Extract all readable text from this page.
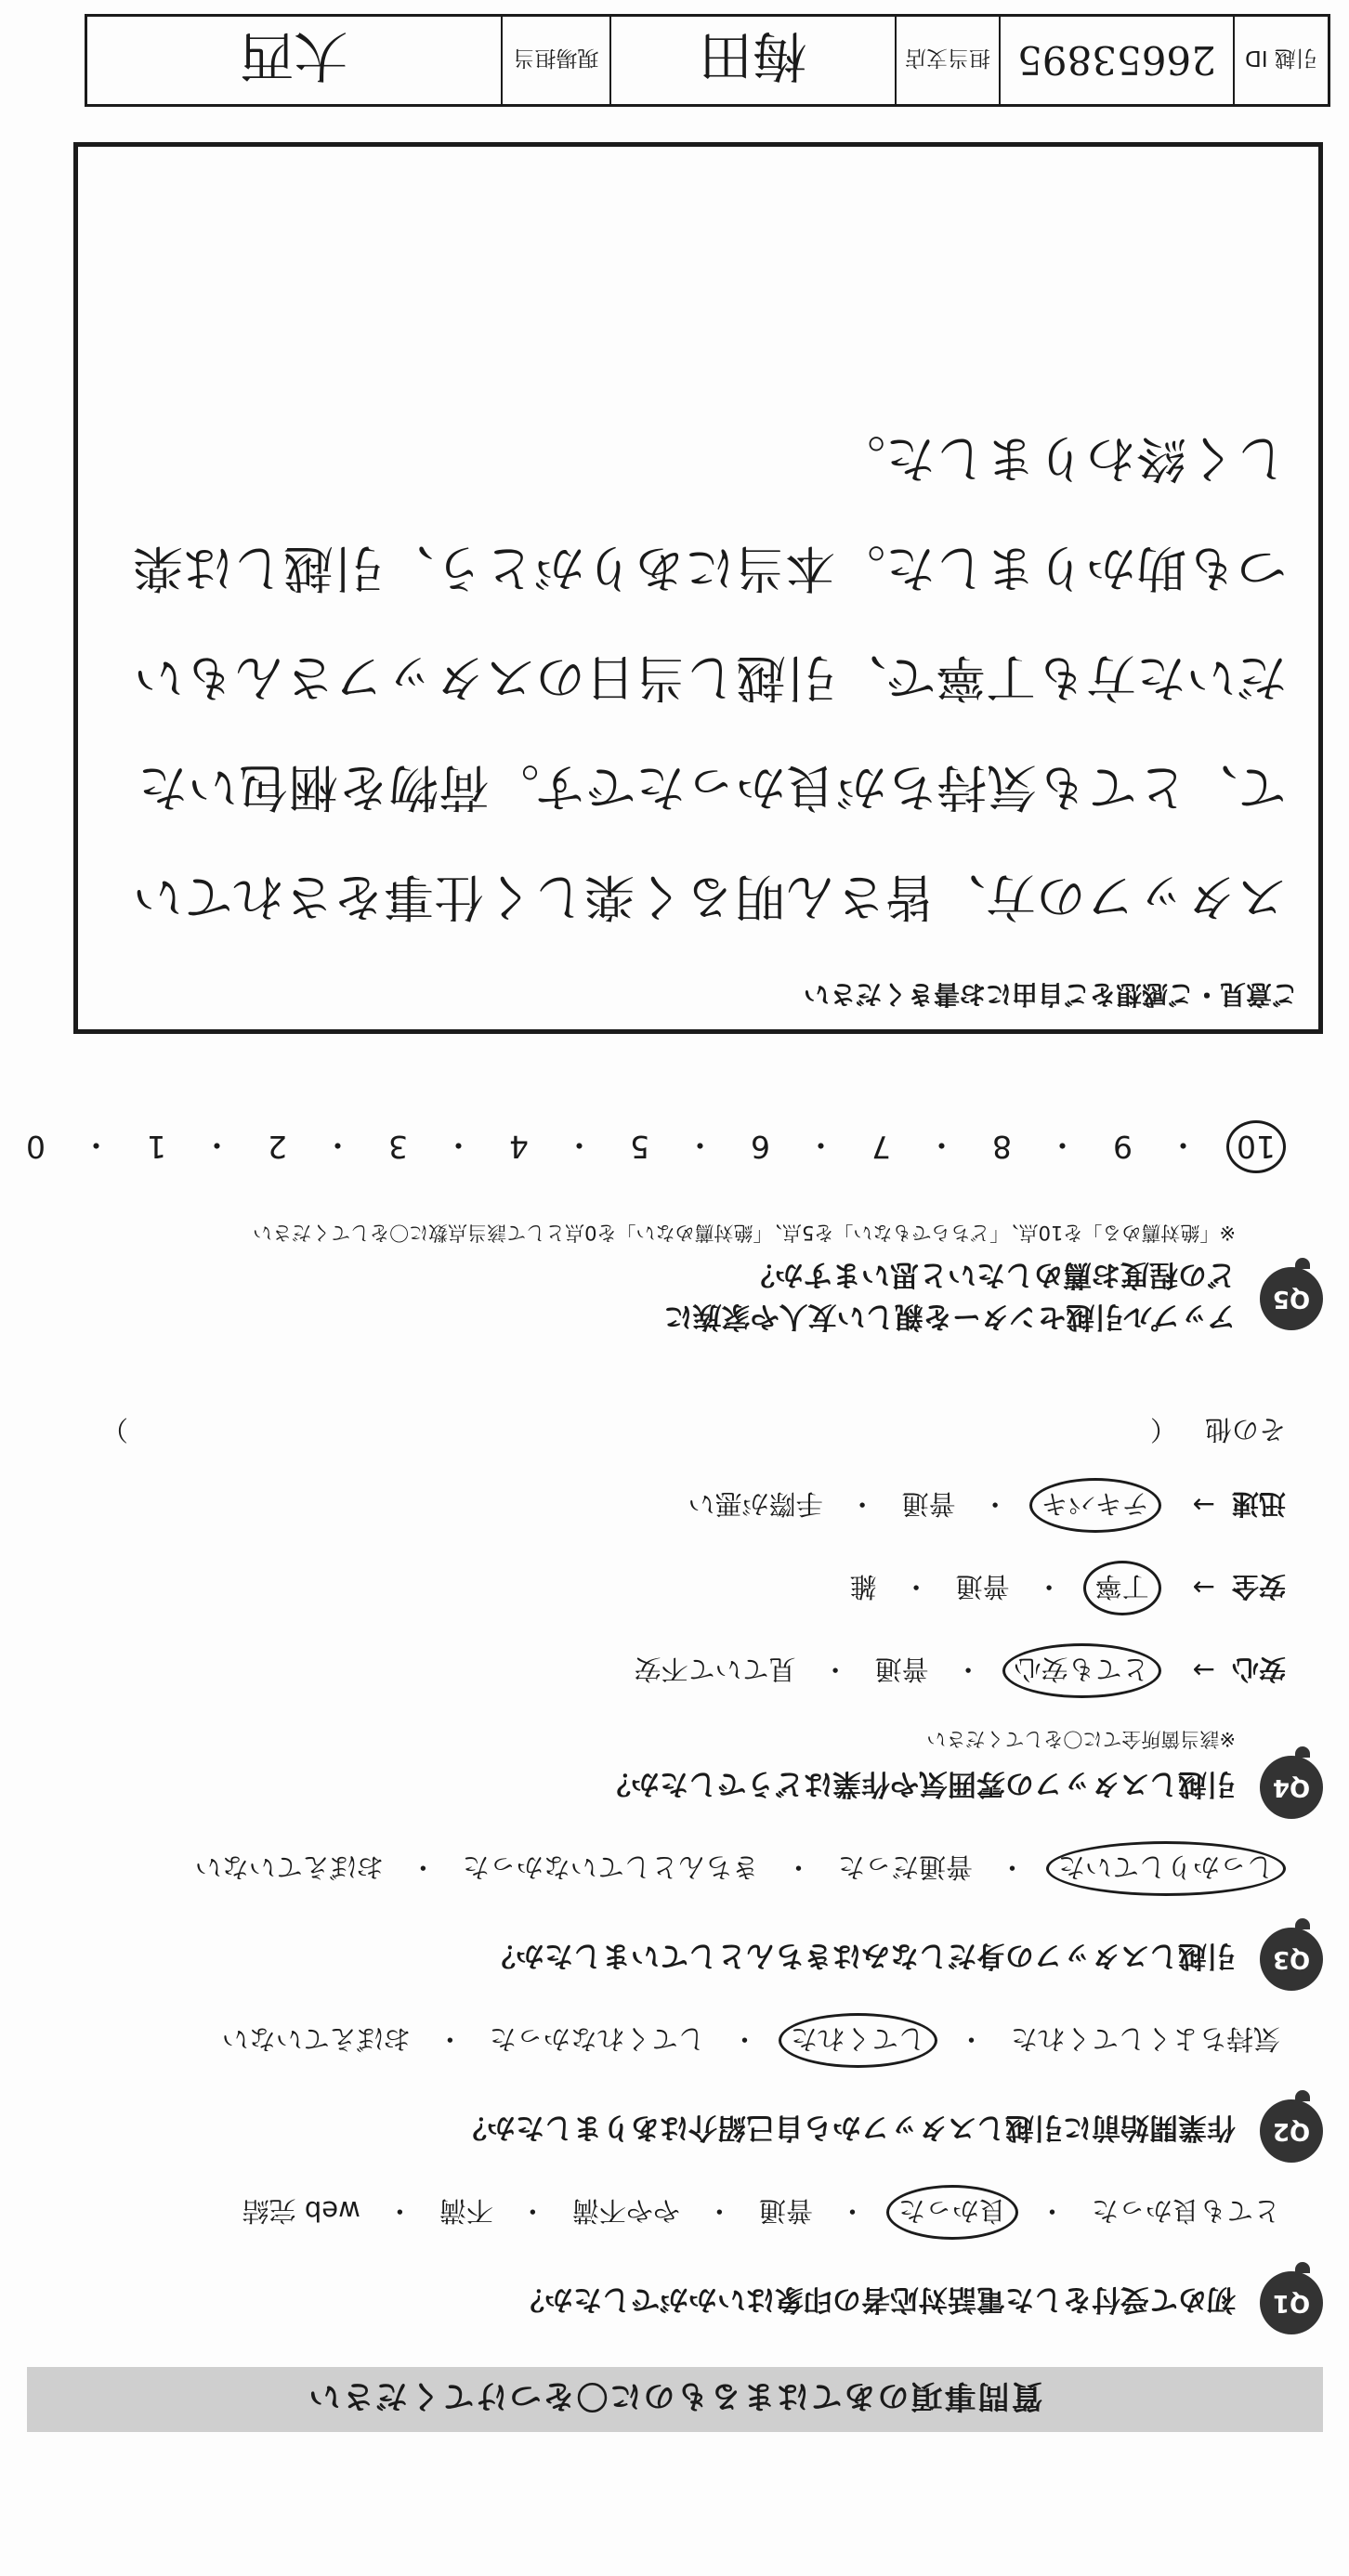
質問事項のあてはまるものに〇をつけてください
Q1
初めて受付をした電話対応者の印象はいかがでしたか？
とても良かった
・
良かった
・
普通
・
やや不満
・
不満
・
web 完結
Q2
作業開始前に引越しスタッフから自己紹介はありましたか？
気持ちよくしてくれた
・
してくれた
・
してくれなかった
・
おぼえていない
Q3
引越しスタッフの身だしなみはきちんとしていましたか？
しっかりしていた
・
普通だった
・
きちんとしていなかった
・
おぼえていない
Q4
引越しスタッフの雰囲気や作業はどうでしたか？
※該当箇所全てに〇をしてください
安心
→
とても安心
・
普通
・
見ていて不安
安全
→
丁寧
・
普通
・
雑
迅速
→
テキパキ
・
普通
・
手際が悪い
その他
（
）
Q5
アップル引越センターを親しい友人や家族に
どの程度お薦めしたいと思いますか？
※「絶対薦める」を10点、「どちらでもない」を5点、「絶対薦めない」を0点として該当点数に〇をしてください
10
・
9
・
8
・
7
・
6
・
5
・
4
・
3
・
2
・
1
・
0
ご意見・ご感想をご自由にお書きください
スタッフの方、皆さん明るく楽しく仕事をされていて、とても気持ちが良かったです。荷物を梱包いただいた方も丁寧で、引越し当日のスタッフさんもいつも助かりました。本当にありがとう、引越しは楽しく終わりました。
引越 ID
26653895
担当支店
梅田
現場担当
大西
